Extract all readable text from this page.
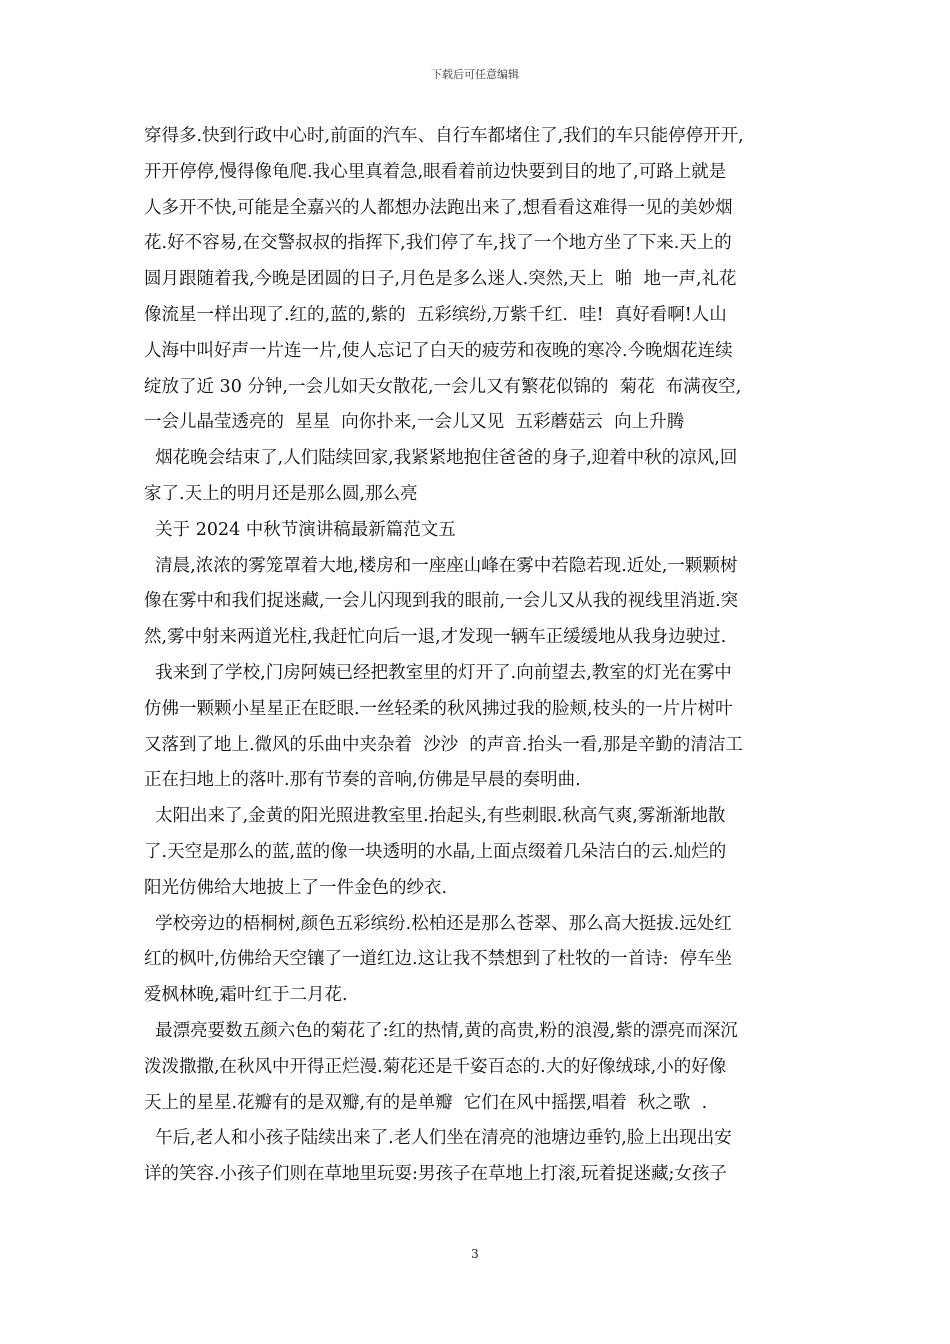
下载后可任意编辑
穿得多.快到行政中心时,前面的汽车、自行车都堵住了,我们的车只能停停开开,
开开停停,慢得像龟爬.我心里真着急,眼看着前边快要到目的地了,可路上就是
人多开不快,可能是全嘉兴的人都想办法跑出来了,想看看这难得一见的美妙烟
花.好不容易,在交警叔叔的指挥下,我们停了车,找了一个地方坐了下来.天上的
圆月跟随着我,今晚是团圆的日子,月色是多么迷人.突然,天上  啪  地一声,礼花
像流星一样出现了.红的,蓝的,紫的  五彩缤纷,万紫千红.  哇!  真好看啊!人山
人海中叫好声一片连一片,使人忘记了白天的疲劳和夜晚的寒冷.今晚烟花连续
绽放了近 30 分钟,一会儿如天女散花,一会儿又有繁花似锦的  菊花  布满夜空,
一会儿晶莹透亮的  星星  向你扑来,一会儿又见  五彩蘑菇云  向上升腾
烟花晚会结束了,人们陆续回家,我紧紧地抱住爸爸的身子,迎着中秋的凉风,回
家了.天上的明月还是那么圆,那么亮
关于 2024 中秋节演讲稿最新篇范文五
清晨,浓浓的雾笼罩着大地,楼房和一座座山峰在雾中若隐若现.近处,一颗颗树
像在雾中和我们捉迷藏,一会儿闪现到我的眼前,一会儿又从我的视线里消逝.突
然,雾中射来两道光柱,我赶忙向后一退,才发现一辆车正缓缓地从我身边驶过.
我来到了学校,门房阿姨已经把教室里的灯开了.向前望去,教室的灯光在雾中
仿佛一颗颗小星星正在眨眼.一丝轻柔的秋风拂过我的脸颊,枝头的一片片树叶
又落到了地上.微风的乐曲中夹杂着  沙沙  的声音.抬头一看,那是辛勤的清洁工
正在扫地上的落叶.那有节奏的音响,仿佛是早晨的奏明曲.
太阳出来了,金黄的阳光照进教室里.抬起头,有些刺眼.秋高气爽,雾渐渐地散
了.天空是那么的蓝,蓝的像一块透明的水晶,上面点缀着几朵洁白的云.灿烂的
阳光仿佛给大地披上了一件金色的纱衣.
学校旁边的梧桐树,颜色五彩缤纷.松柏还是那么苍翠、那么高大挺拔.远处红
红的枫叶,仿佛给天空镶了一道红边.这让我不禁想到了杜牧的一首诗:  停车坐
爱枫林晚,霜叶红于二月花.
最漂亮要数五颜六色的菊花了:红的热情,黄的高贵,粉的浪漫,紫的漂亮而深沉
泼泼撒撒,在秋风中开得正烂漫.菊花还是千姿百态的.大的好像绒球,小的好像
天上的星星.花瓣有的是双瓣,有的是单瓣  它们在风中摇摆,唱着  秋之歌  .
午后,老人和小孩子陆续出来了.老人们坐在清亮的池塘边垂钓,脸上出现出安
详的笑容.小孩子们则在草地里玩耍:男孩子在草地上打滚,玩着捉迷藏;女孩子
3
